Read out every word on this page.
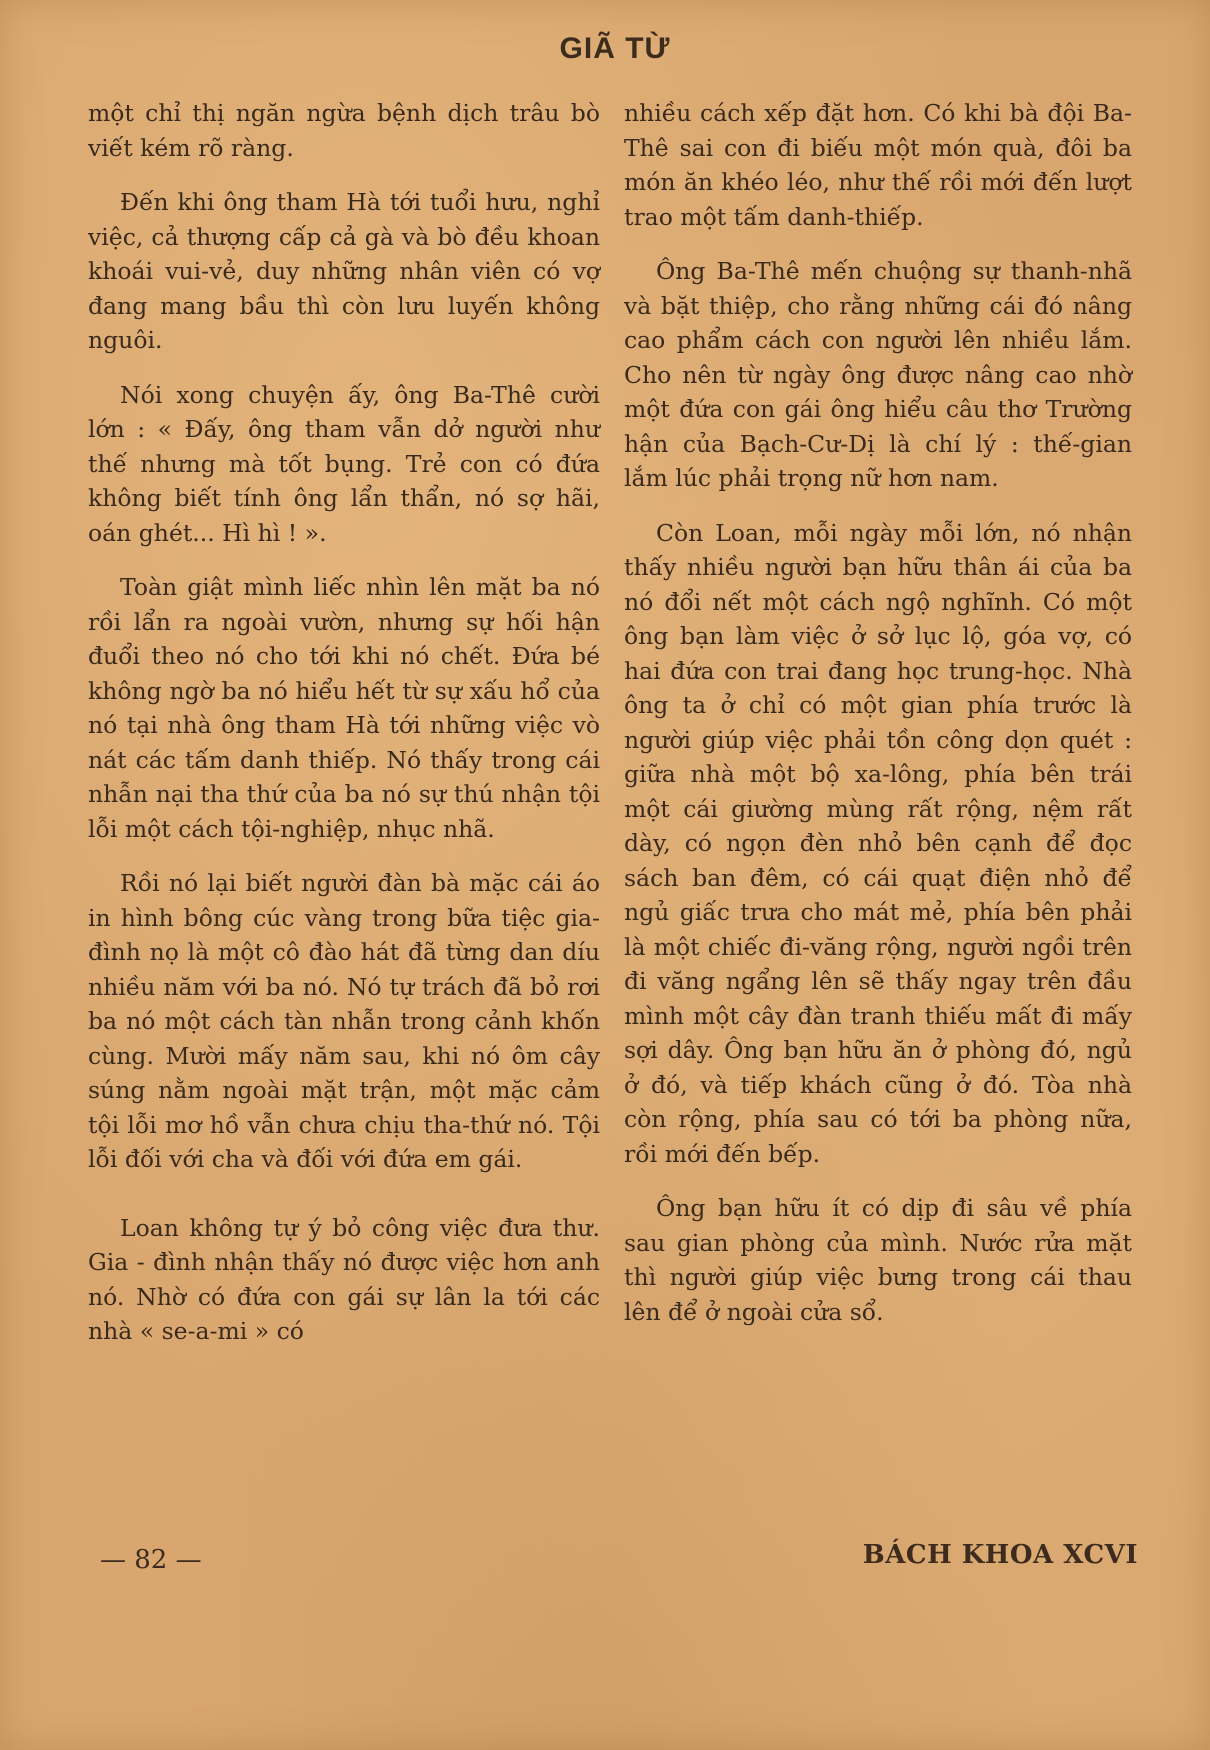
GIÃ TỪ

một chỉ thị ngăn ngừa bệnh dịch trâu bò viết kém rõ ràng.

Đến khi ông tham Hà tới tuổi hưu, nghỉ việc, cả thượng cấp cả gà và bò đều khoan khoái vui-vẻ, duy những nhân viên có vợ đang mang bầu thì còn lưu luyến không nguôi.

Nói xong chuyện ấy, ông Ba-Thê cười lớn : « Đấy, ông tham vẫn dở người như thế nhưng mà tốt bụng. Trẻ con có đứa không biết tính ông lẩn thẩn, nó sợ hãi, oán ghét... Hì hì ! ».

Toàn giật mình liếc nhìn lên mặt ba nó rồi lẩn ra ngoài vườn, nhưng sự hối hận đuổi theo nó cho tới khi nó chết. Đứa bé không ngờ ba nó hiểu hết từ sự xấu hổ của nó tại nhà ông tham Hà tới những việc vò nát các tấm danh thiếp. Nó thấy trong cái nhẫn nại tha thứ của ba nó sự thú nhận tội lỗi một cách tội-nghiệp, nhục nhã.

Rồi nó lại biết người đàn bà mặc cái áo in hình bông cúc vàng trong bữa tiệc gia-đình nọ là một cô đào hát đã từng dan díu nhiều năm với ba nó. Nó tự trách đã bỏ rơi ba nó một cách tàn nhẫn trong cảnh khốn cùng. Mười mấy năm sau, khi nó ôm cây súng nằm ngoài mặt trận, một mặc cảm tội lỗi mơ hồ vẫn chưa chịu tha-thứ nó. Tội lỗi đối với cha và đối với đứa em gái.

Loan không tự ý bỏ công việc đưa thư. Gia - đình nhận thấy nó được việc hơn anh nó. Nhờ có đứa con gái sự lân la tới các nhà « se-a-mi » có

nhiều cách xếp đặt hơn. Có khi bà đội Ba-Thê sai con đi biếu một món quà, đôi ba món ăn khéo léo, như thế rồi mới đến lượt trao một tấm danh-thiếp.

Ông Ba-Thê mến chuộng sự thanh-nhã và bặt thiệp, cho rằng những cái đó nâng cao phẩm cách con người lên nhiều lắm. Cho nên từ ngày ông được nâng cao nhờ một đứa con gái ông hiểu câu thơ Trường hận của Bạch-Cư-Dị là chí lý : thế-gian lắm lúc phải trọng nữ hơn nam.

Còn Loan, mỗi ngày mỗi lớn, nó nhận thấy nhiều người bạn hữu thân ái của ba nó đổi nết một cách ngộ nghĩnh. Có một ông bạn làm việc ở sở lục lộ, góa vợ, có hai đứa con trai đang học trung-học. Nhà ông ta ở chỉ có một gian phía trước là người giúp việc phải tồn công dọn quét : giữa nhà một bộ xa-lông, phía bên trái một cái giường mùng rất rộng, nệm rất dày, có ngọn đèn nhỏ bên cạnh để đọc sách ban đêm, có cái quạt điện nhỏ để ngủ giấc trưa cho mát mẻ, phía bên phải là một chiếc đi-văng rộng, người ngồi trên đi văng ngẩng lên sẽ thấy ngay trên đầu mình một cây đàn tranh thiếu mất đi mấy sợi dây. Ông bạn hữu ăn ở phòng đó, ngủ ở đó, và tiếp khách cũng ở đó. Tòa nhà còn rộng, phía sau có tới ba phòng nữa, rồi mới đến bếp.

Ông bạn hữu ít có dịp đi sâu về phía sau gian phòng của mình. Nước rửa mặt thì người giúp việc bưng trong cái thau lên để ở ngoài cửa sổ.

— 82 —	BÁCH KHOA XCVI
